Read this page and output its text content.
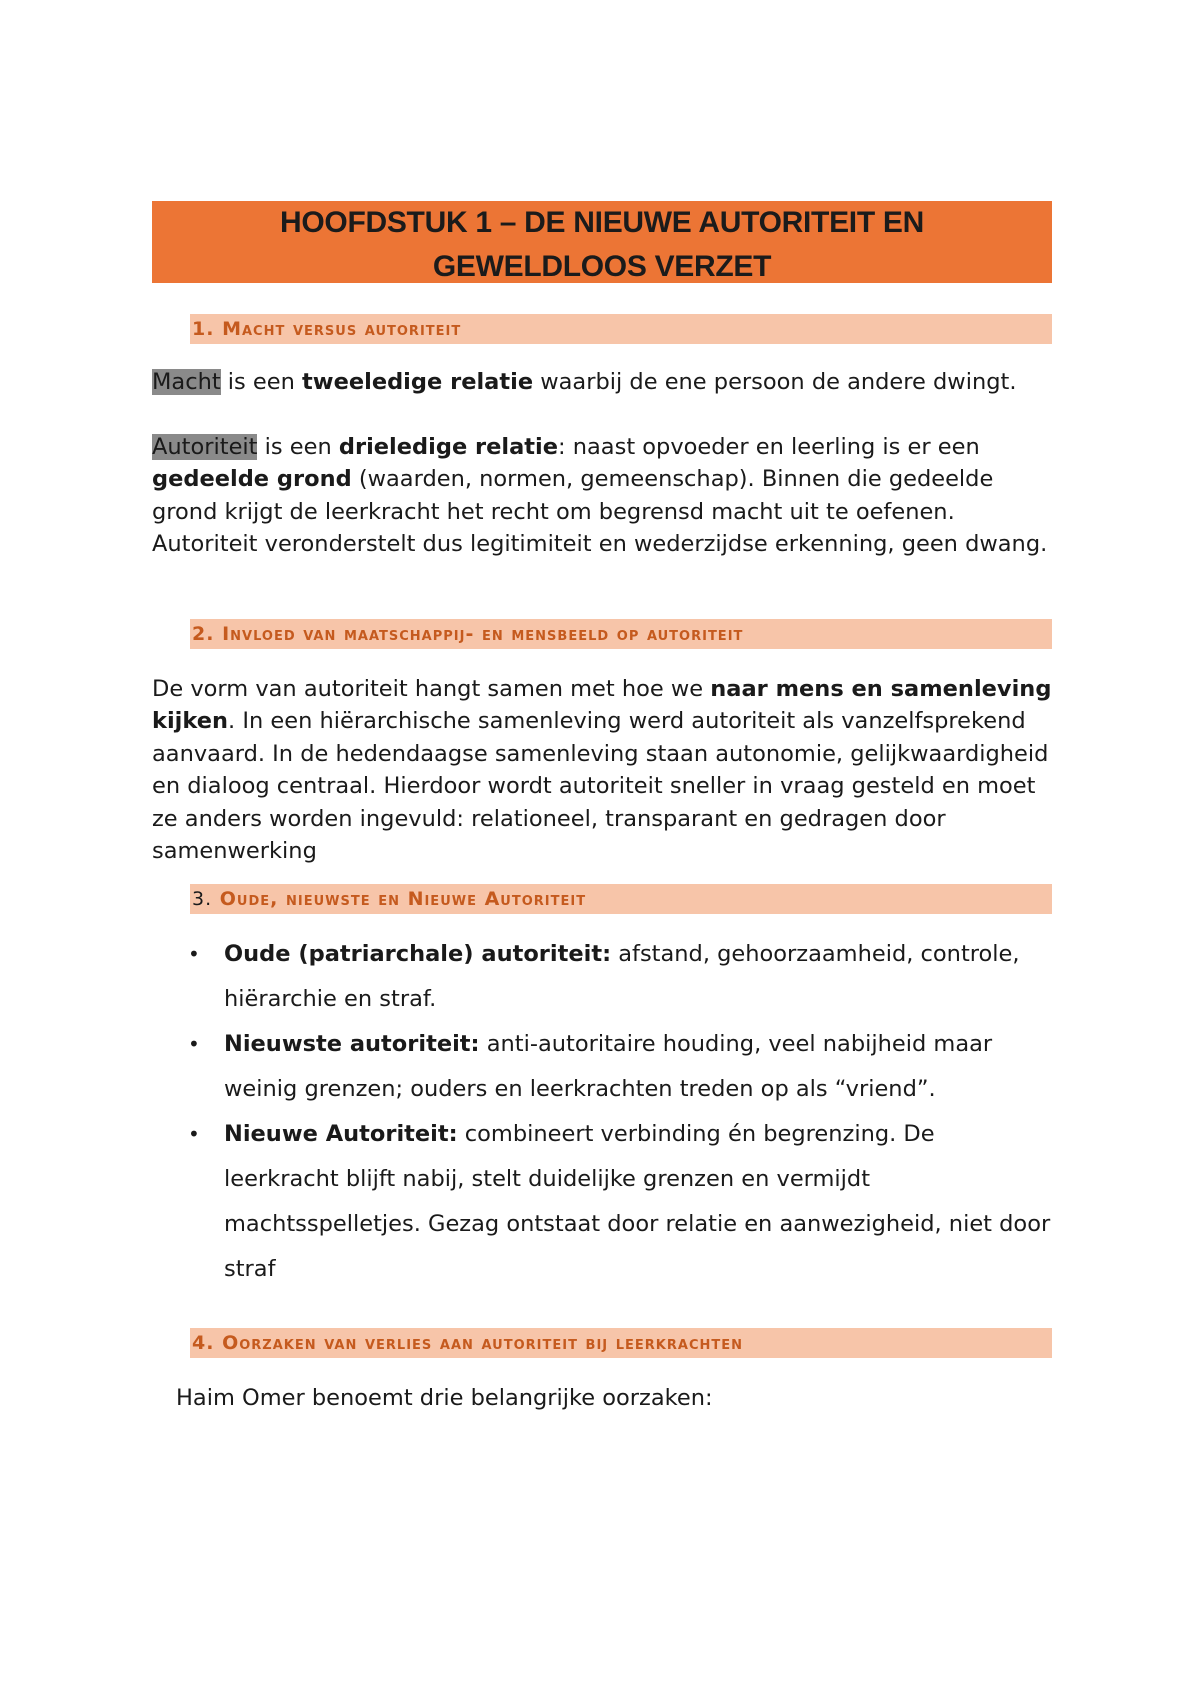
HOOFDSTUK 1 – DE NIEUWE AUTORITEIT EN
GEWELDLOOS VERZET
1. Macht versus autoriteit

Macht is een tweeledige relatie waarbij de ene persoon de andere dwingt.

Autoriteit is een drieledige relatie: naast opvoeder en leerling is er een gedeelde grond (waarden, normen, gemeenschap). Binnen die gedeelde grond krijgt de leerkracht het recht om begrensd macht uit te oefenen. Autoriteit veronderstelt dus legitimiteit en wederzijdse erkenning, geen dwang.

2. Invloed van maatschappij- en mensbeeld op autoriteit

De vorm van autoriteit hangt samen met hoe we naar mens en samenleving kijken. In een hiërarchische samenleving werd autoriteit als vanzelfsprekend aanvaard. In de hedendaagse samenleving staan autonomie, gelijkwaardigheid en dialoog centraal. Hierdoor wordt autoriteit sneller in vraag gesteld en moet ze anders worden ingevuld: relationeel, transparant en gedragen door samenwerking

3. Oude, nieuwste en Nieuwe Autoriteit
• Oude (patriarchale) autoriteit: afstand, gehoorzaamheid, controle, hiërarchie en straf.
• Nieuwste autoriteit: anti-autoritaire houding, veel nabijheid maar weinig grenzen; ouders en leerkrachten treden op als “vriend”.
• Nieuwe Autoriteit: combineert verbinding én begrenzing. De leerkracht blijft nabij, stelt duidelijke grenzen en vermijdt machtsspelletjes. Gezag ontstaat door relatie en aanwezigheid, niet door straf
4. Oorzaken van verlies aan autoriteit bij leerkrachten

Haim Omer benoemt drie belangrijke oorzaken:
